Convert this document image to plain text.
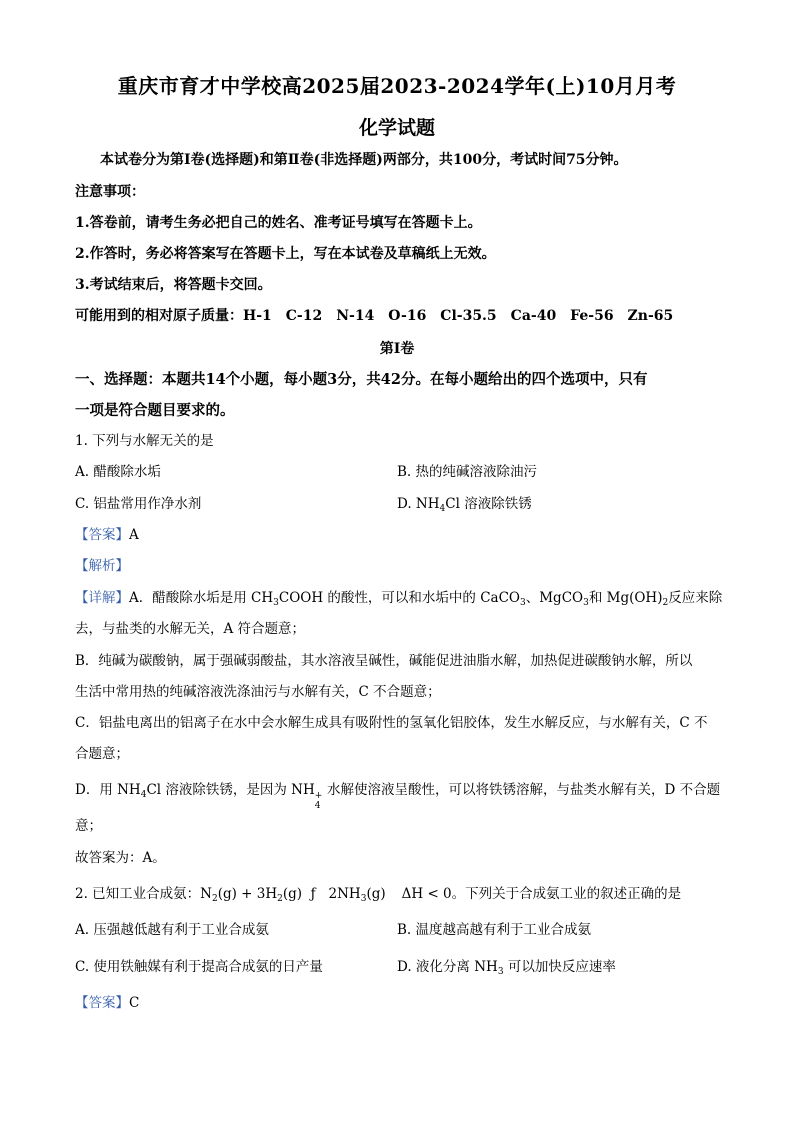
重庆市育才中学校高2025届2023-2024学年(上)10月月考
化学试题
本试卷分为第Ⅰ卷(选择题)和第Ⅱ卷(非选择题)两部分，共100分，考试时间75分钟。
注意事项：
1.答卷前，请考生务必把自己的姓名、准考证号填写在答题卡上。
2.作答时，务必将答案写在答题卡上，写在本试卷及草稿纸上无效。
3.考试结束后，将答题卡交回。
可能用到的相对原子质量：H-1　C-12　N-14　O-16　Cl-35.5　Ca-40　Fe-56　Zn-65
第Ⅰ卷
一、选择题：本题共14个小题，每小题3分，共42分。在每小题给出的四个选项中，只有
一项是符合题目要求的。
1. 下列与水解无关的是
A. 醋酸除水垢	B. 热的纯碱溶液除油污
C. 铝盐常用作净水剂	D. $NH_4Cl$ 溶液除铁锈
【答案】A
【解析】
【详解】A．醋酸除水垢是用 $CH_3COOH$ 的酸性，可以和水垢中的 CaCO$_3$、MgCO$_3$和 $Mg(OH)_2$反应来除
去，与盐类的水解无关，A 符合题意；
B．纯碱为碳酸钠，属于强碱弱酸盐，其水溶液呈碱性，碱能促进油脂水解，加热促进碳酸钠水解，所以
生活中常用热的纯碱溶液洗涤油污与水解有关，C 不合题意；
C．铝盐电离出的铝离子在水中会水解生成具有吸附性的氢氧化铝胶体，发生水解反应，与水解有关，C 不
合题意；
D．用 $NH_4Cl$ 溶液除铁锈，是因为 NH +
4
水解使溶液呈酸性，可以将铁锈溶解，与盐类水解有关，D 不合题
意；
故答案为：A。
2. 已知工业合成氨：$N_2(g) + 3H_2(g)$  ƒ   $2NH_3(g) \Delta H < 0$。下列关于合成氨工业的叙述正确的是
A. 压强越低越有利于工业合成氨	B. 温度越高越有利于工业合成氨
C. 使用铁触媒有利于提高合成氨的日产量	D. 液化分离 $NH_3$ 可以加快反应速率
【答案】C
